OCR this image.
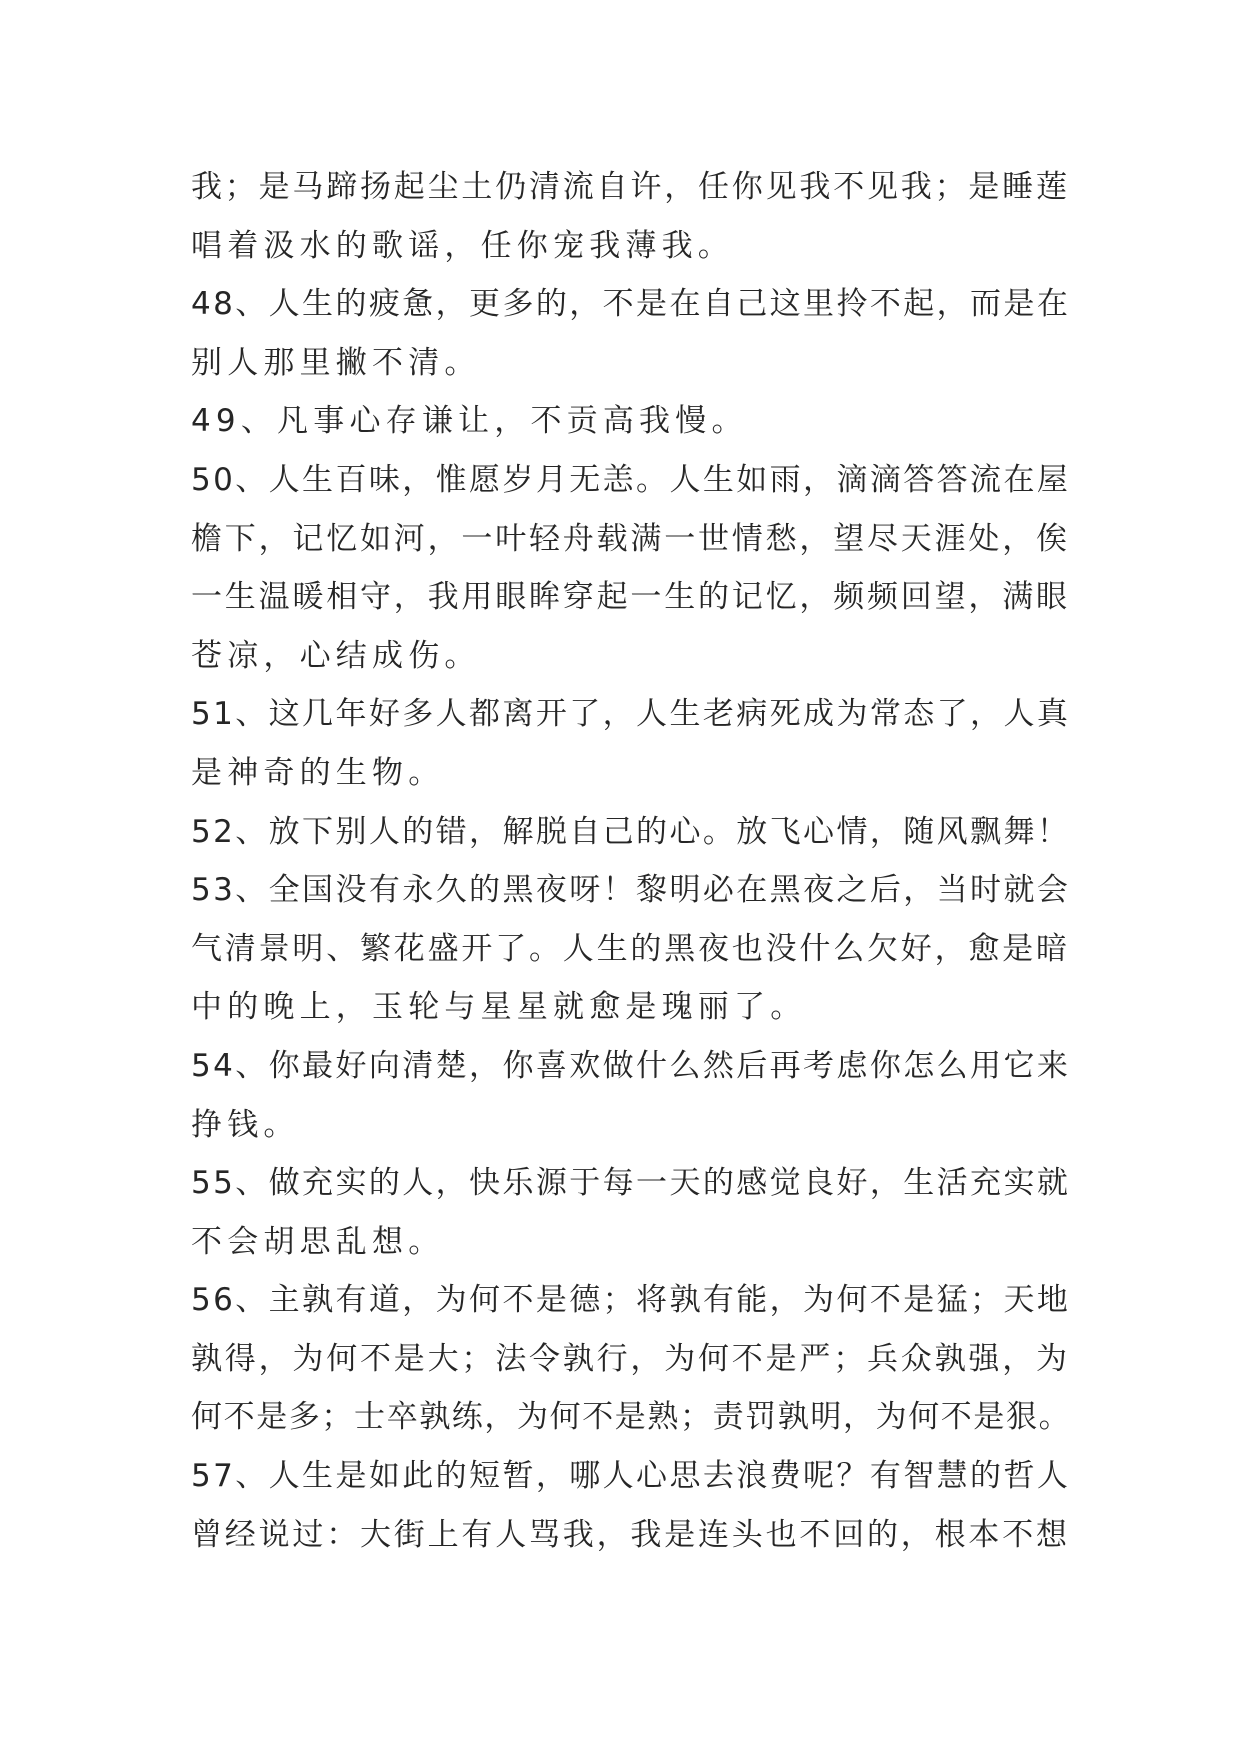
我；是马蹄扬起尘土仍清流自许，任你见我不见我；是睡莲
唱着汲水的歌谣，任你宠我薄我。
48、人生的疲惫，更多的，不是在自己这里拎不起，而是在
别人那里撇不清。
49、凡事心存谦让，不贡高我慢。
50、人生百味，惟愿岁月无恙。人生如雨，滴滴答答流在屋
檐下，记忆如河，一叶轻舟载满一世情愁，望尽天涯处，俟
一生温暖相守，我用眼眸穿起一生的记忆，频频回望，满眼
苍凉，心结成伤。
51、这几年好多人都离开了，人生老病死成为常态了，人真
是神奇的生物。
52、放下别人的错，解脱自己的心。放飞心情，随风飘舞！
53、全国没有永久的黑夜呀！黎明必在黑夜之后，当时就会
气清景明、繁花盛开了。人生的黑夜也没什么欠好，愈是暗
中的晚上，玉轮与星星就愈是瑰丽了。
54、你最好向清楚，你喜欢做什么然后再考虑你怎么用它来
挣钱。
55、做充实的人，快乐源于每一天的感觉良好，生活充实就
不会胡思乱想。
56、主孰有道，为何不是德；将孰有能，为何不是猛；天地
孰得，为何不是大；法令孰行，为何不是严；兵众孰强，为
何不是多；士卒孰练，为何不是熟；责罚孰明，为何不是狠。
57、人生是如此的短暂，哪人心思去浪费呢？有智慧的哲人
曾经说过：大街上有人骂我，我是连头也不回的，根本不想
